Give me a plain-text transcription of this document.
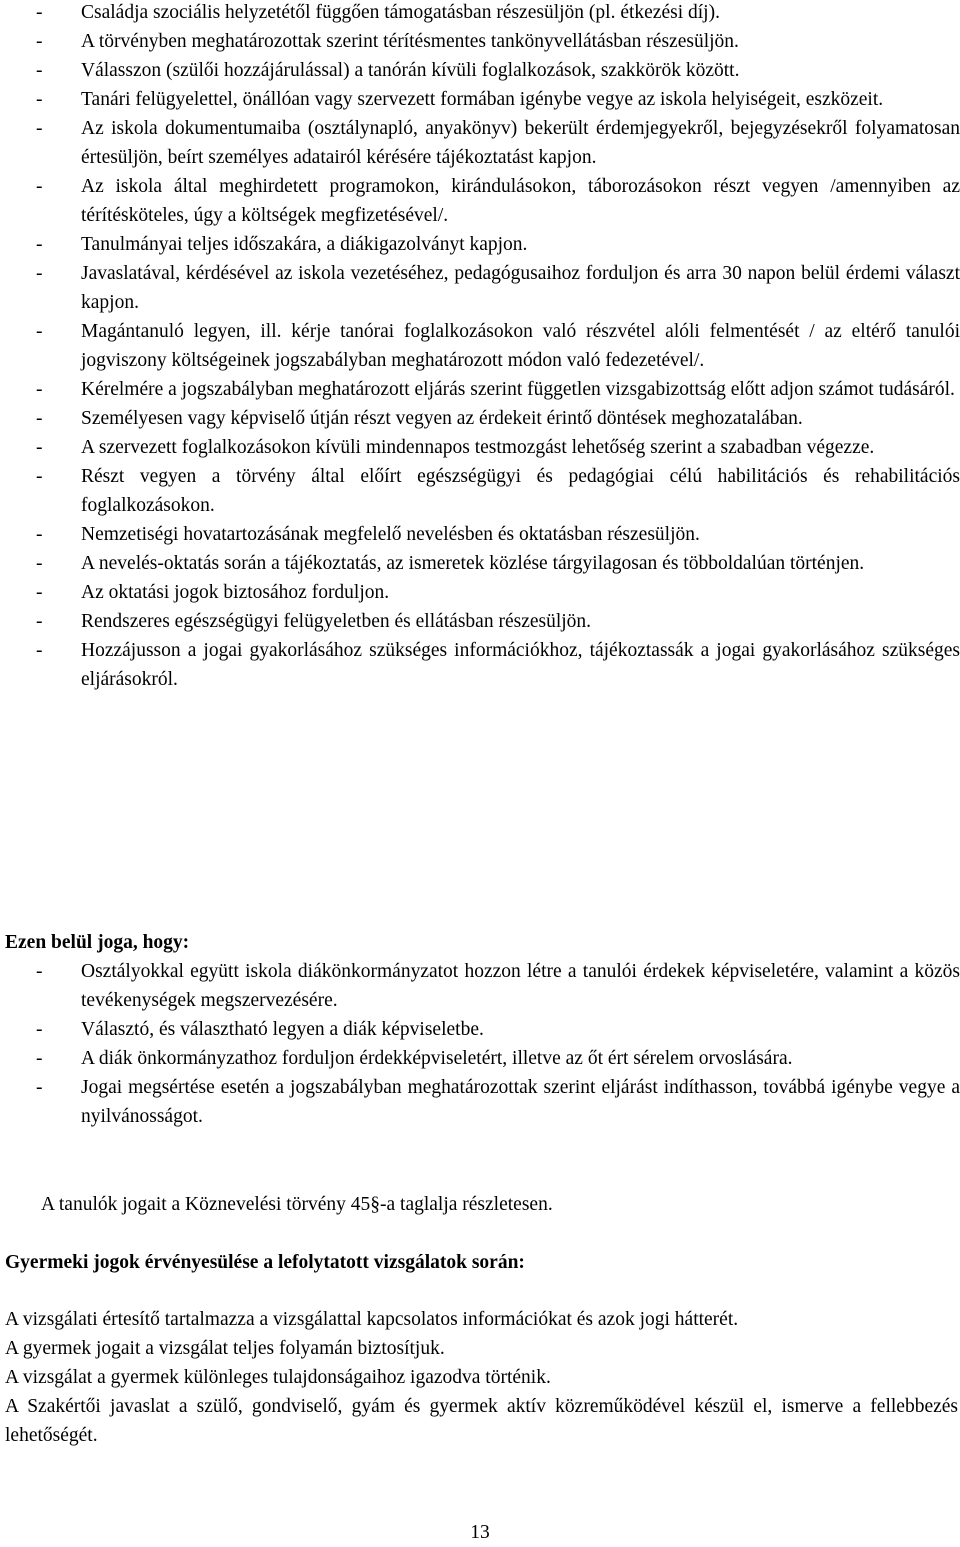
- Családja szociális helyzetétől függően támogatásban részesüljön (pl. étkezési díj).
- A törvényben meghatározottak szerint térítésmentes tankönyvellátásban részesüljön.
- Válasszon (szülői hozzájárulással) a tanórán kívüli foglalkozások, szakkörök között.
- Tanári felügyelettel, önállóan vagy szervezett formában igénybe vegye az iskola helyiségeit, eszközeit.
- Az iskola dokumentumaiba (osztálynapló, anyakönyv) bekerült érdemjegyekről, bejegyzésekről folyamatosan értesüljön, beírt személyes adatairól kérésére tájékoztatást kapjon.
- Az iskola által meghirdetett programokon, kirándulásokon, táborozásokon részt vegyen /amennyiben az térítésköteles, úgy a költségek megfizetésével/.
- Tanulmányai teljes időszakára, a diákigazolványt kapjon.
- Javaslatával, kérdésével az iskola vezetéséhez, pedagógusaihoz forduljon és arra 30 napon belül érdemi választ kapjon.
- Magántanuló legyen, ill. kérje tanórai foglalkozásokon való részvétel alóli felmentését / az eltérő tanulói jogviszony költségeinek jogszabályban meghatározott módon való fedezetével/.
- Kérelmére a jogszabályban meghatározott eljárás szerint független vizsgabizottság előtt adjon számot tudásáról.
- Személyesen vagy képviselő útján részt vegyen az érdekeit érintő döntések meghozatalában.
- A szervezett foglalkozásokon kívüli mindennapos testmozgást lehetőség szerint a szabadban végezze.
- Részt vegyen a törvény által előírt egészségügyi és pedagógiai célú habilitációs és rehabilitációs foglalkozásokon.
- Nemzetiségi hovatartozásának megfelelő nevelésben és oktatásban részesüljön.
- A nevelés-oktatás során a tájékoztatás, az ismeretek közlése tárgyilagosan és többoldalúan történjen.
- Az oktatási jogok biztosához forduljon.
- Rendszeres egészségügyi felügyeletben és ellátásban részesüljön.
- Hozzájusson a jogai gyakorlásához szükséges információkhoz, tájékoztassák a jogai gyakorlásához szükséges eljárásokról.
Ezen belül joga, hogy:
- Osztályokkal együtt iskola diákönkormányzatot hozzon létre a tanulói érdekek képviseletére, valamint a közös tevékenységek megszervezésére.
- Választó, és választható legyen a diák képviseletbe.
- A diák önkormányzathoz forduljon érdekképviseletért, illetve az őt ért sérelem orvoslására.
- Jogai megsértése esetén a jogszabályban meghatározottak szerint eljárást indíthasson, továbbá igénybe vegye a nyilvánosságot.
A tanulók jogait a Köznevelési törvény 45§-a taglalja részletesen.
Gyermeki jogok érvényesülése a lefolytatott vizsgálatok során:

A vizsgálati értesítő tartalmazza a vizsgálattal kapcsolatos információkat és azok jogi hátterét.

A gyermek jogait a vizsgálat teljes folyamán biztosítjuk.

A vizsgálat a gyermek különleges tulajdonságaihoz igazodva történik.

A Szakértői javaslat a szülő, gondviselő, gyám és gyermek aktív közreműködével készül el, ismerve a fellebbezés lehetőségét.

13
